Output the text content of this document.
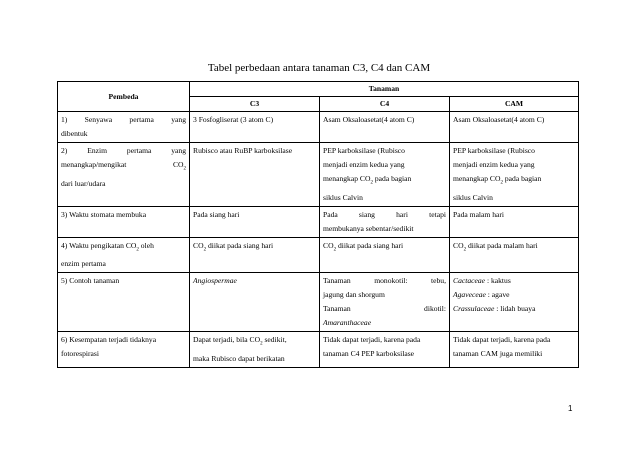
Tabel perbedaan antara tanaman C3, C4 dan CAM
Pembeda	Tanaman		
	C3	C4	CAM

1) Senyawa pertama yang
dibentuk	3 Fosfogliserat (3 atom C)	Asam Oksaloasetat(4 atom C)	Asam Oksaloasetat(4 atom C)

2) Enzim pertama yang
menangkap/mengikat $CO_2$
dari luar/udara	Rubisco atau RuBP karboksilase	PEP karboksilase (Rubisco
menjadi enzim kedua yang
menangkap $CO_2$ pada bagian
siklus Calvin	PEP karboksilase (Rubisco
menjadi enzim kedua yang
menangkap $CO_2$ pada bagian
siklus Calvin

3) Waktu stomata membuka	Pada siang hari	Pada siang hari tetapi
membukanya sebentar/sedikit	Pada malam hari

4) Waktu pengikatan $CO_2$ oleh
enzim pertama	$CO_2$ diikat pada siang hari	$CO_2$ diikat pada siang hari	$CO_2$ diikat pada malam hari

5) Contoh tanaman	Angiospermae	Tanaman monokotil: tebu,
jagung dan shorgum
Tanaman dikotil:
Amaranthaceae	Cactaceae : kaktus
Agaveceae : agave
Crassulaceae : lidah buaya

6) Kesempatan terjadi tidaknya
fotorespirasi	Dapat terjadi, bila $CO_2$ sedikit,
maka Rubisco dapat berikatan	Tidak dapat terjadi, karena pada
tanaman C4 PEP karboksilase	Tidak dapat terjadi, karena pada
tanaman CAM juga memiliki
1
